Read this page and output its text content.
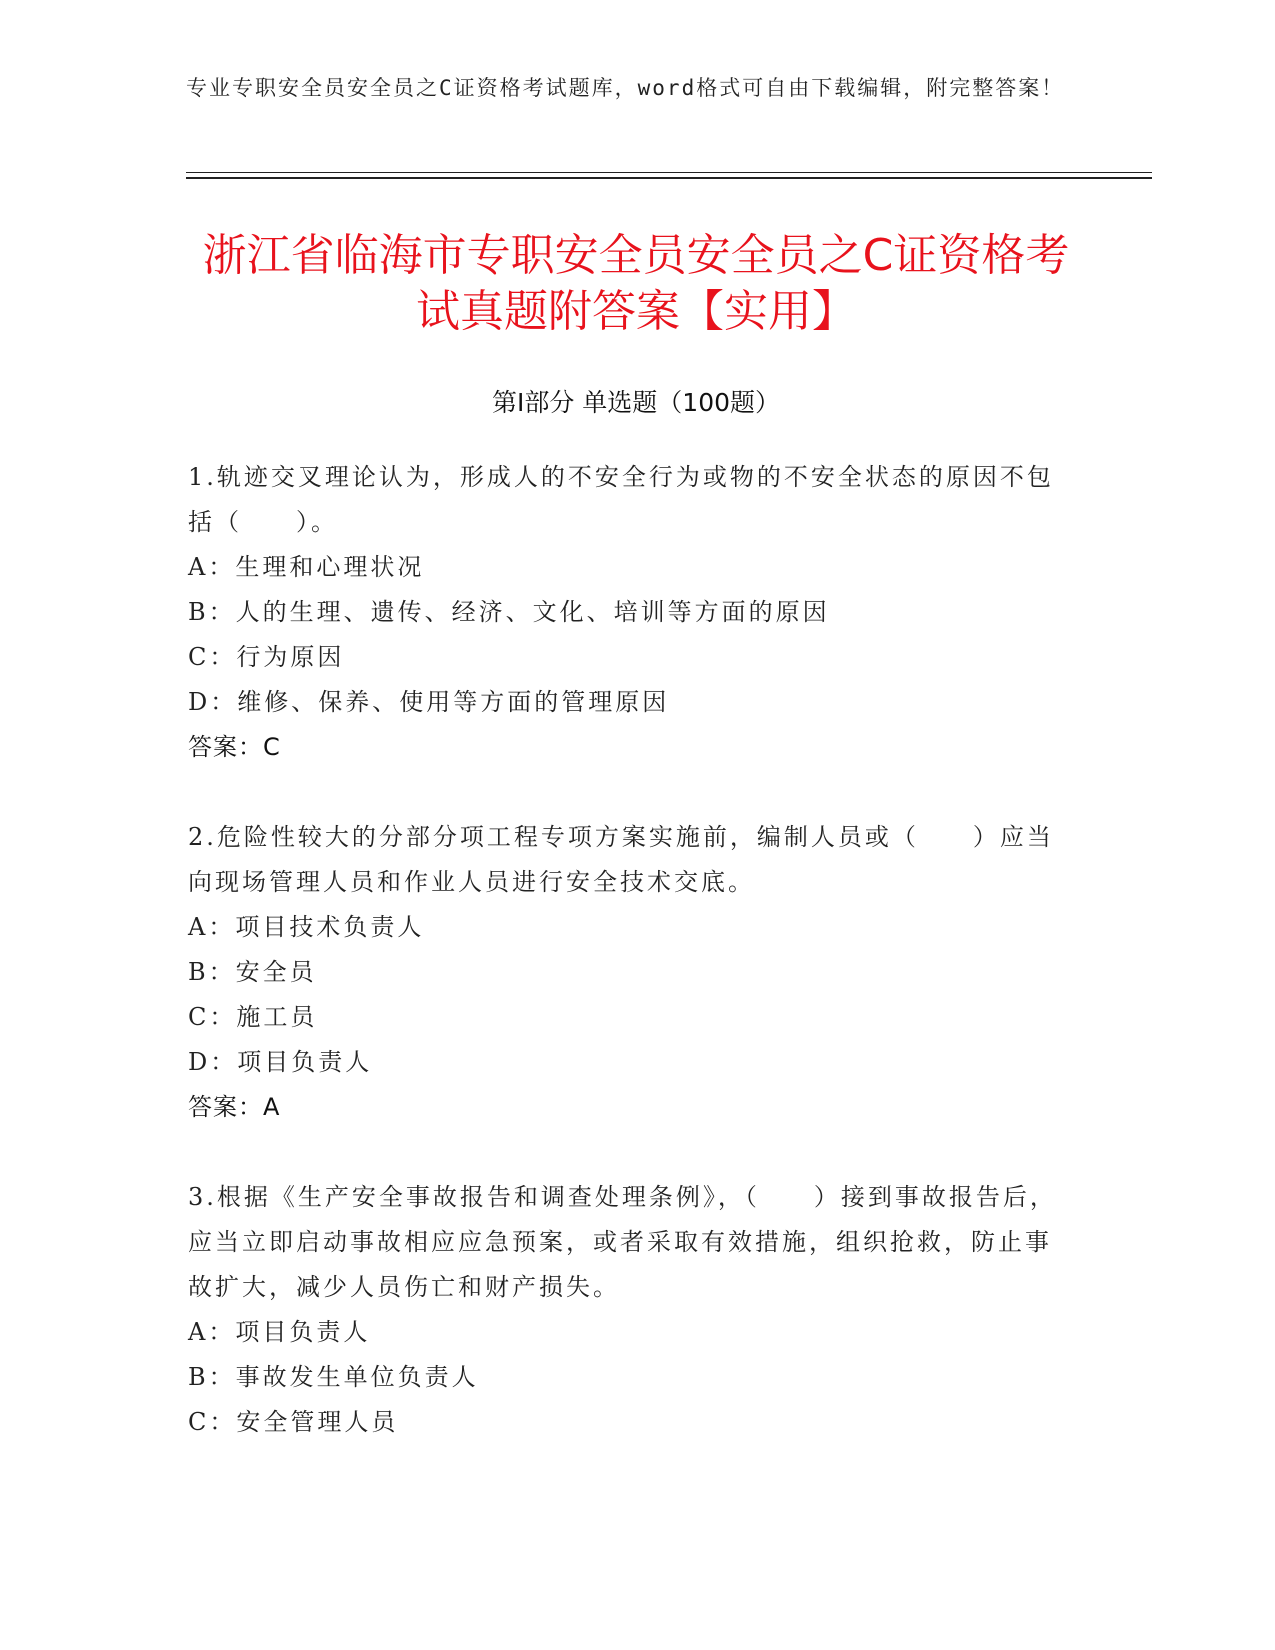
专业专职安全员安全员之C证资格考试题库，word格式可自由下载编辑，附完整答案！
浙江省临海市专职安全员安全员之C证资格考试真题附答案【实用】
第Ⅰ部分 单选题（100题）
1.轨迹交叉理论认为，形成人的不安全行为或物的不安全状态的原因不包括（　　）。
A：生理和心理状况
B：人的生理、遗传、经济、文化、培训等方面的原因
C：行为原因
D：维修、保养、使用等方面的管理原因
答案：C
2.危险性较大的分部分项工程专项方案实施前，编制人员或（　　）应当向现场管理人员和作业人员进行安全技术交底。
A：项目技术负责人
B：安全员
C：施工员
D：项目负责人
答案：A
3.根据《生产安全事故报告和调查处理条例》，（　　）接到事故报告后，应当立即启动事故相应应急预案，或者采取有效措施，组织抢救，防止事故扩大，减少人员伤亡和财产损失。
A：项目负责人
B：事故发生单位负责人
C：安全管理人员
